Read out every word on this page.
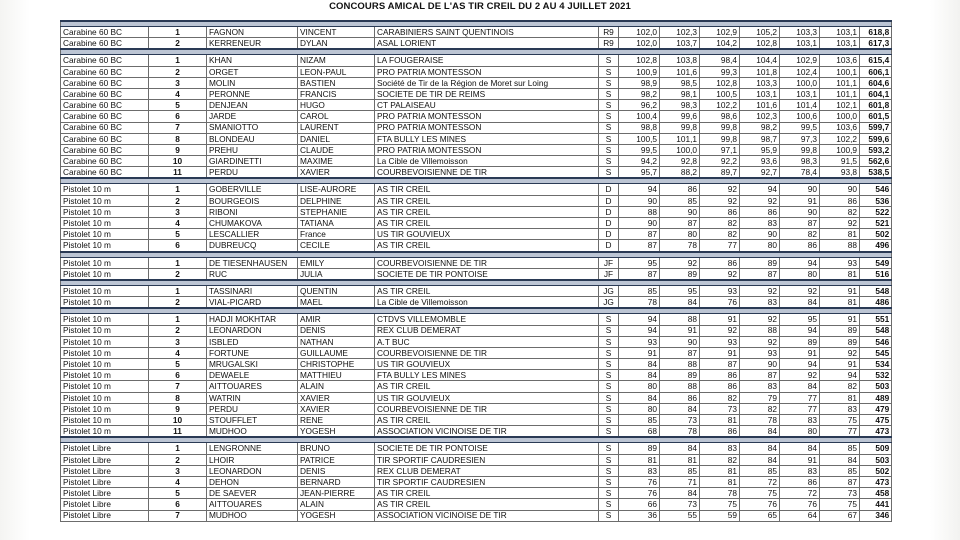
CONCOURS AMICAL DE L'AS TIR CREIL DU 2 AU 4 JUILLET 2021

Carabine 60 BC	1	FAGNON	VINCENT	CARABINIERS SAINT QUENTINOIS	R9	102,0	102,3	102,9	105,2	103,3	103,1	618,8
Carabine 60 BC	2	KERRENEUR	DYLAN	ASAL LORIENT	R9	102,0	103,7	104,2	102,8	103,1	103,1	617,3

Carabine 60 BC	1	KHAN	NIZAM	LA FOUGERAISE	S	102,8	103,8	98,4	104,4	102,9	103,6	615,4
Carabine 60 BC	2	ORGET	LEON-PAUL	PRO PATRIA MONTESSON	S	100,9	101,6	99,3	101,8	102,4	100,1	606,1
Carabine 60 BC	3	MOLIN	BASTIEN	Société de Tir de la Région de Moret sur Loing	S	98,9	98,5	102,8	103,3	100,0	101,1	604,6
Carabine 60 BC	4	PERONNE	FRANCIS	SOCIETE DE TIR DE REIMS	S	98,2	98,1	100,5	103,1	103,1	101,1	604,1
Carabine 60 BC	5	DENJEAN	HUGO	CT PALAISEAU	S	96,2	98,3	102,2	101,6	101,4	102,1	601,8
Carabine 60 BC	6	JARDE	CAROL	PRO PATRIA MONTESSON	S	100,4	99,6	98,6	102,3	100,6	100,0	601,5
Carabine 60 BC	7	SMANIOTTO	LAURENT	PRO PATRIA MONTESSON	S	98,8	99,8	99,8	98,2	99,5	103,6	599,7
Carabine 60 BC	8	BLONDEAU	DANIEL	FTA BULLY LES MINES	S	100,5	101,1	99,8	98,7	97,3	102,2	599,6
Carabine 60 BC	9	PREHU	CLAUDE	PRO PATRIA MONTESSON	S	99,5	100,0	97,1	95,9	99,8	100,9	593,2
Carabine 60 BC	10	GIARDINETTI	MAXIME	La Cible de Villemoisson	S	94,2	92,8	92,2	93,6	98,3	91,5	562,6
Carabine 60 BC	11	PERDU	XAVIER	COURBEVOISIENNE DE TIR	S	95,7	88,2	89,7	92,7	78,4	93,8	538,5

Pistolet 10 m	1	GOBERVILLE	LISE-AURORE	AS TIR CREIL	D	94	86	92	94	90	90	546
Pistolet 10 m	2	BOURGEOIS	DELPHINE	AS TIR CREIL	D	90	85	92	92	91	86	536
Pistolet 10 m	3	RIBONI	STEPHANIE	AS TIR CREIL	D	88	90	86	86	90	82	522
Pistolet 10 m	4	CHUMAKOVA	TATIANA	AS TIR CREIL	D	90	87	82	83	87	92	521
Pistolet 10 m	5	LESCALLIER	France	US TIR GOUVIEUX	D	87	80	82	90	82	81	502
Pistolet 10 m	6	DUBREUCQ	CECILE	AS TIR CREIL	D	87	78	77	80	86	88	496

Pistolet 10 m	1	DE TIESENHAUSEN	EMILY	COURBEVOISIENNE DE TIR	JF	95	92	86	89	94	93	549
Pistolet 10 m	2	RUC	JULIA	SOCIETE DE TIR PONTOISE	JF	87	89	92	87	80	81	516

Pistolet 10 m	1	TASSINARI	QUENTIN	AS TIR CREIL	JG	85	95	93	92	92	91	548
Pistolet 10 m	2	VIAL-PICARD	MAEL	La Cible de Villemoisson	JG	78	84	76	83	84	81	486

Pistolet 10 m	1	HADJI MOKHTAR	AMIR	CTDVS VILLEMOMBLE	S	94	88	91	92	95	91	551
Pistolet 10 m	2	LEONARDON	DENIS	REX CLUB DEMERAT	S	94	91	92	88	94	89	548
Pistolet 10 m	3	ISBLED	NATHAN	A.T BUC	S	93	90	93	92	89	89	546
Pistolet 10 m	4	FORTUNE	GUILLAUME	COURBEVOISIENNE DE TIR	S	91	87	91	93	91	92	545
Pistolet 10 m	5	MRUGALSKI	CHRISTOPHE	US TIR GOUVIEUX	S	84	88	87	90	94	91	534
Pistolet 10 m	6	DEWAELE	MATTHIEU	FTA BULLY LES MINES	S	84	89	86	87	92	94	532
Pistolet 10 m	7	AITTOUARES	ALAIN	AS TIR CREIL	S	80	88	86	83	84	82	503
Pistolet 10 m	8	WATRIN	XAVIER	US TIR GOUVIEUX	S	84	86	82	79	77	81	489
Pistolet 10 m	9	PERDU	XAVIER	COURBEVOISIENNE DE TIR	S	80	84	73	82	77	83	479
Pistolet 10 m	10	STOUFFLET	RENE	AS TIR CREIL	S	85	73	81	78	83	75	475
Pistolet 10 m	11	MUDHOO	YOGESH	ASSOCIATION VICINOISE DE TIR	S	68	78	86	84	80	77	473

Pistolet Libre	1	LENGRONNE	BRUNO	SOCIETE DE TIR PONTOISE	S	89	84	83	84	84	85	509
Pistolet Libre	2	LHOIR	PATRICE	TIR SPORTIF CAUDRESIEN	S	81	81	82	84	91	84	503
Pistolet Libre	3	LEONARDON	DENIS	REX CLUB DEMERAT	S	83	85	81	85	83	85	502
Pistolet Libre	4	DEHON	BERNARD	TIR SPORTIF CAUDRESIEN	S	76	71	81	72	86	87	473
Pistolet Libre	5	DE SAEVER	JEAN-PIERRE	AS TIR CREIL	S	76	84	78	75	72	73	458
Pistolet Libre	6	AITTOUARES	ALAIN	AS TIR CREIL	S	66	73	75	76	76	75	441
Pistolet Libre	7	MUDHOO	YOGESH	ASSOCIATION VICINOISE DE TIR	S	36	55	59	65	64	67	346
